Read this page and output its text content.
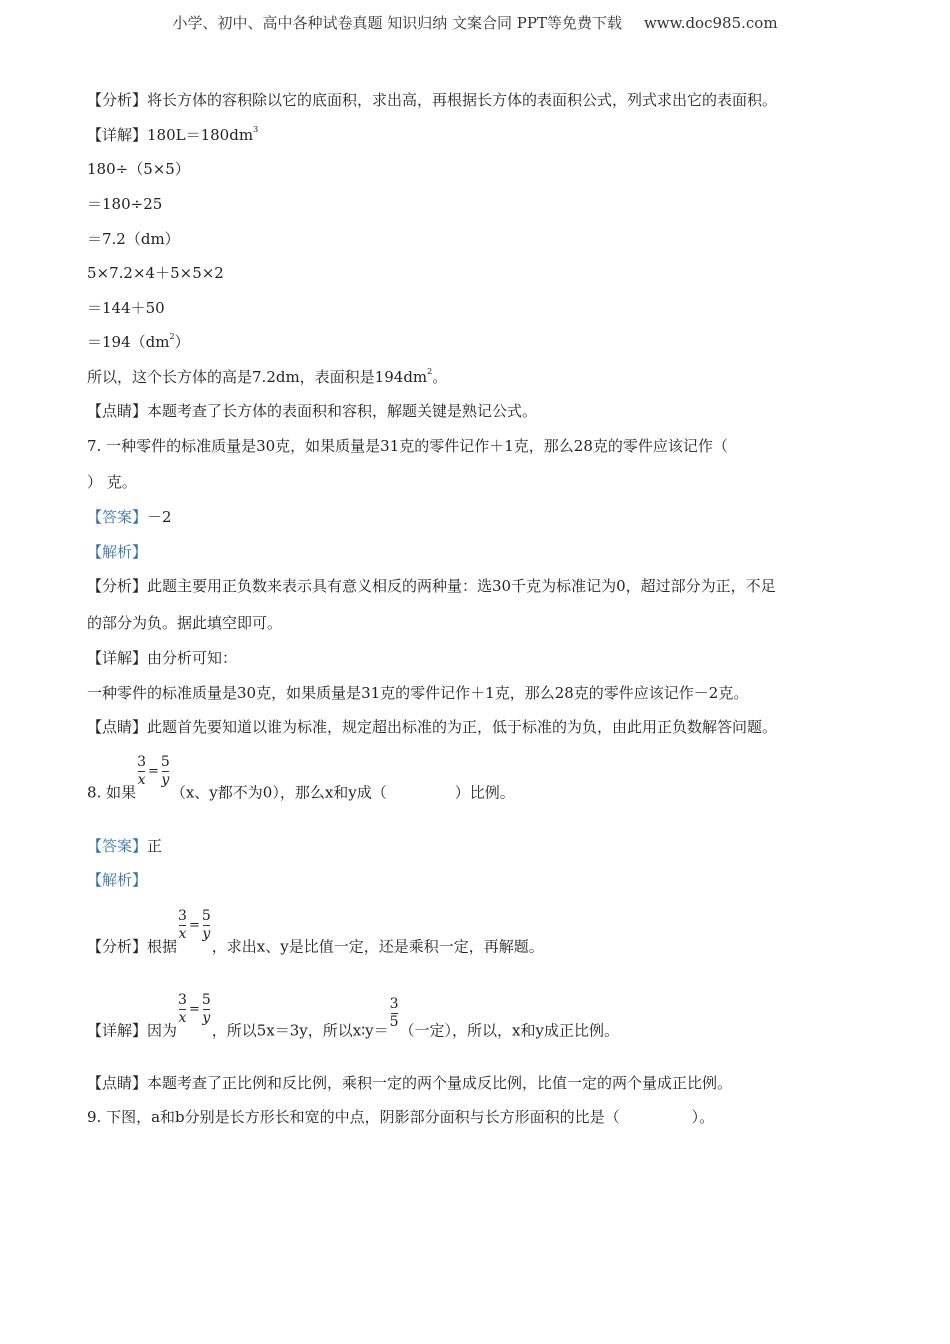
小学、初中、高中各种试卷真题 知识归纳 文案合同 PPT等免费下载 www.doc985.com
【分析】将长方体的容积除以它的底面积，求出高，再根据长方体的表面积公式，列式求出它的表面积。
【详解】$180L=180dm^3$
180÷（5×5）
＝180÷25
＝7.2（dm）
5×7.2×4＋5×5×2
＝144＋50
$=194(dm^2)$
所以，这个长方体的高是7.2dm，表面积是$194dm^2$。
【点睛】本题考查了长方体的表面积和容积，解题关键是熟记公式。
7. 一种零件的标准质量是30克，如果质量是31克的零件记作＋1克，那么28克的零件应该记作（
） 克。
【答案】－2
【解析】
【分析】此题主要用正负数来表示具有意义相反的两种量：选30千克为标准记为0，超过部分为正，不足
的部分为负。据此填空即可。
【详解】由分析可知：
一种零件的标准质量是30克，如果质量是31克的零件记作＋1克，那么28克的零件应该记作－2克。
【点睛】此题首先要知道以谁为标准，规定超出标准的为正，低于标准的为负，由此用正负数解答问题。
8. 如果
$\frac{3}{x} = \frac{5}{y}$
（x、y都不为0），那么x和y成（	）比例。
【答案】正
【解析】
【分析】根据
$\frac{3}{x} = \frac{5}{y}$
，求出x、y是比值一定，还是乘积一定，再解题。
【详解】因为
$\frac{3}{x} = \frac{5}{y}$
，所以5x＝3y，所以x∶y＝ $\frac{3}{5}$ （一定），所以，x和y成正比例。
【点睛】本题考查了正比例和反比例，乘积一定的两个量成反比例，比值一定的两个量成正比例。
9. 下图，a和b分别是长方形长和宽的中点，阴影部分面积与长方形面积的比是（	）。
